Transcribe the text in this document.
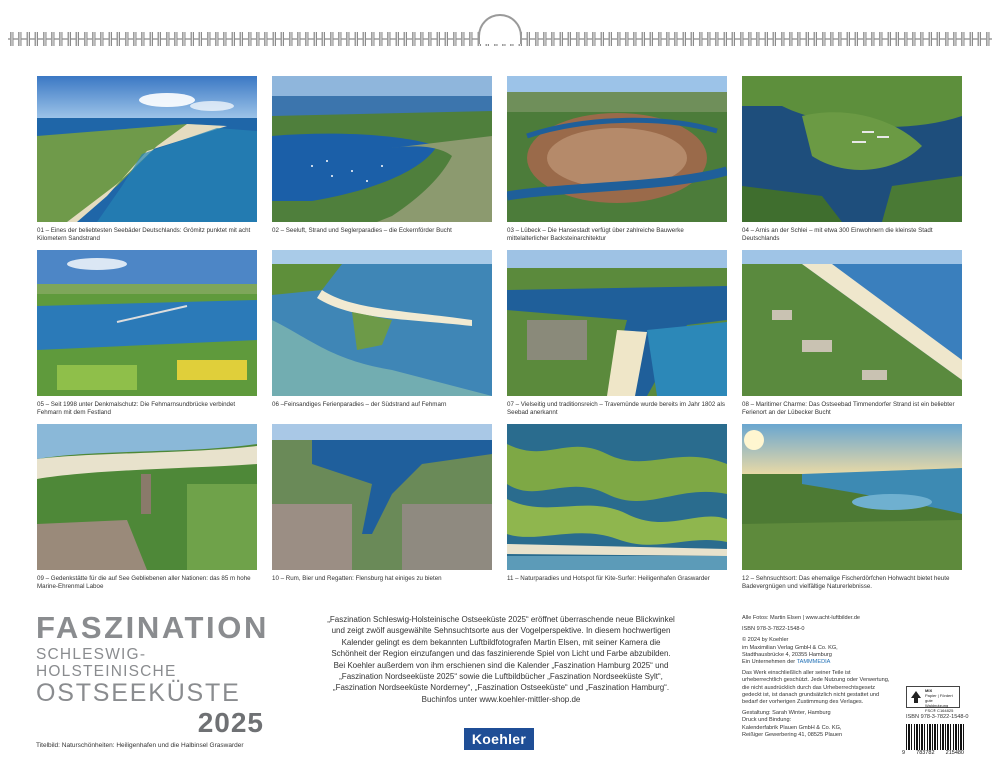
01 – Eines der beliebtesten Seebäder Deutschlands: Grömitz punktet mit acht Kilometern Sandstrand
02 – Seeluft, Strand und Seglerparadies – die Eckernförder Bucht	03 – Lübeck – Die Hansestadt verfügt über zahlreiche Bauwerke mittelalterlicher Backsteinarchitektur
04 – Arnis an der Schlei – mit etwa 300 Einwohnern die kleinste Stadt Deutschlands
05 – Seit 1998 unter Denkmalschutz: Die Fehmarnsundbrücke verbindet Fehmarn mit dem Festland
06 –Feinsandiges Ferienparadies – der Südstrand auf Fehmarn	07 – Vielseitig und traditionsreich – Travemünde wurde bereits im Jahr 1802 als Seebad anerkannt
08 – Maritimer Charme: Das Ostseebad Timmendorfer Strand ist ein beliebter Ferienort an der Lübecker Bucht
09 – Gedenkstätte für die auf See Gebliebenen aller Nationen: das 85 m hohe Marine-Ehrenmal Laboe
10 – Rum, Bier und Regatten: Flensburg hat einiges zu bieten	11 – Naturparadies und Hotspot für Kite-Surfer: Heiligenhafen Graswarder	12 – Sehnsuchtsort: Das ehemalige Fischerdörfchen Hohwacht bietet heute Badevergnügen und vielfältige Naturerlebnisse.
FASZINATION
SCHLESWIG-HOLSTEINISCHE
OSTSEEKÜSTE
2025
Titelbild: Naturschönheiten: Heiligenhafen und die Halbinsel Graswarder
„Faszination Schleswig-Holsteinische Ostseeküste 2025“ eröffnet überraschende neue Blickwinkel und zeigt zwölf ausgewählte Sehnsuchtsorte aus der Vogelperspektive. In diesem hochwertigen Kalender gelingt es dem bekannten Luftbildfotografen Martin Elsen, mit seiner Kamera die Schönheit der Region einzufangen und das faszinierende Spiel von Licht und Farbe abzubilden. Bei Koehler außerdem von ihm erschienen sind die Kalender „Faszination Hamburg 2025“ und „Faszination Nordseeküste 2025“ sowie die Luftbildbücher „Faszination Nordseeküste Sylt“, „Faszination Nordseeküste Norderney“, „Faszination Ostseeküste“ und „Faszination Hamburg“. Buchinfos unter www.koehler-mittler-shop.de
Koehler

Alle Fotos: Martin Elsen | www.acht-luftbilder.de

ISBN 978-3-7822-1548-0

© 2024 by Koehler
im Maximilian Verlag GmbH & Co. KG,
Stadthausbrücke 4, 20355 Hamburg
Ein Unternehmen der TAMMMEDIA

Das Werk einschließlich aller seiner Teile ist urheberrechtlich geschützt. Jede Nutzung oder Verwertung, die nicht ausdrücklich durch das Urheberrechtsgesetz gedeckt ist, ist danach grundsätzlich nicht gestattet und bedarf der vorherigen Zustimmung des Verlages.

Gestaltung: Sarah Winter, Hamburg
Druck und Bindung:
Kalenderfabrik Plauen GmbH & Co. KG,
Reißiger Gewerbering 41, 08525 Plauen

MIX
Papier | Fördert
gute Waldnutzung
FSC® C164825
ISBN 978-3-7822-1548-0
9 783782 215480
